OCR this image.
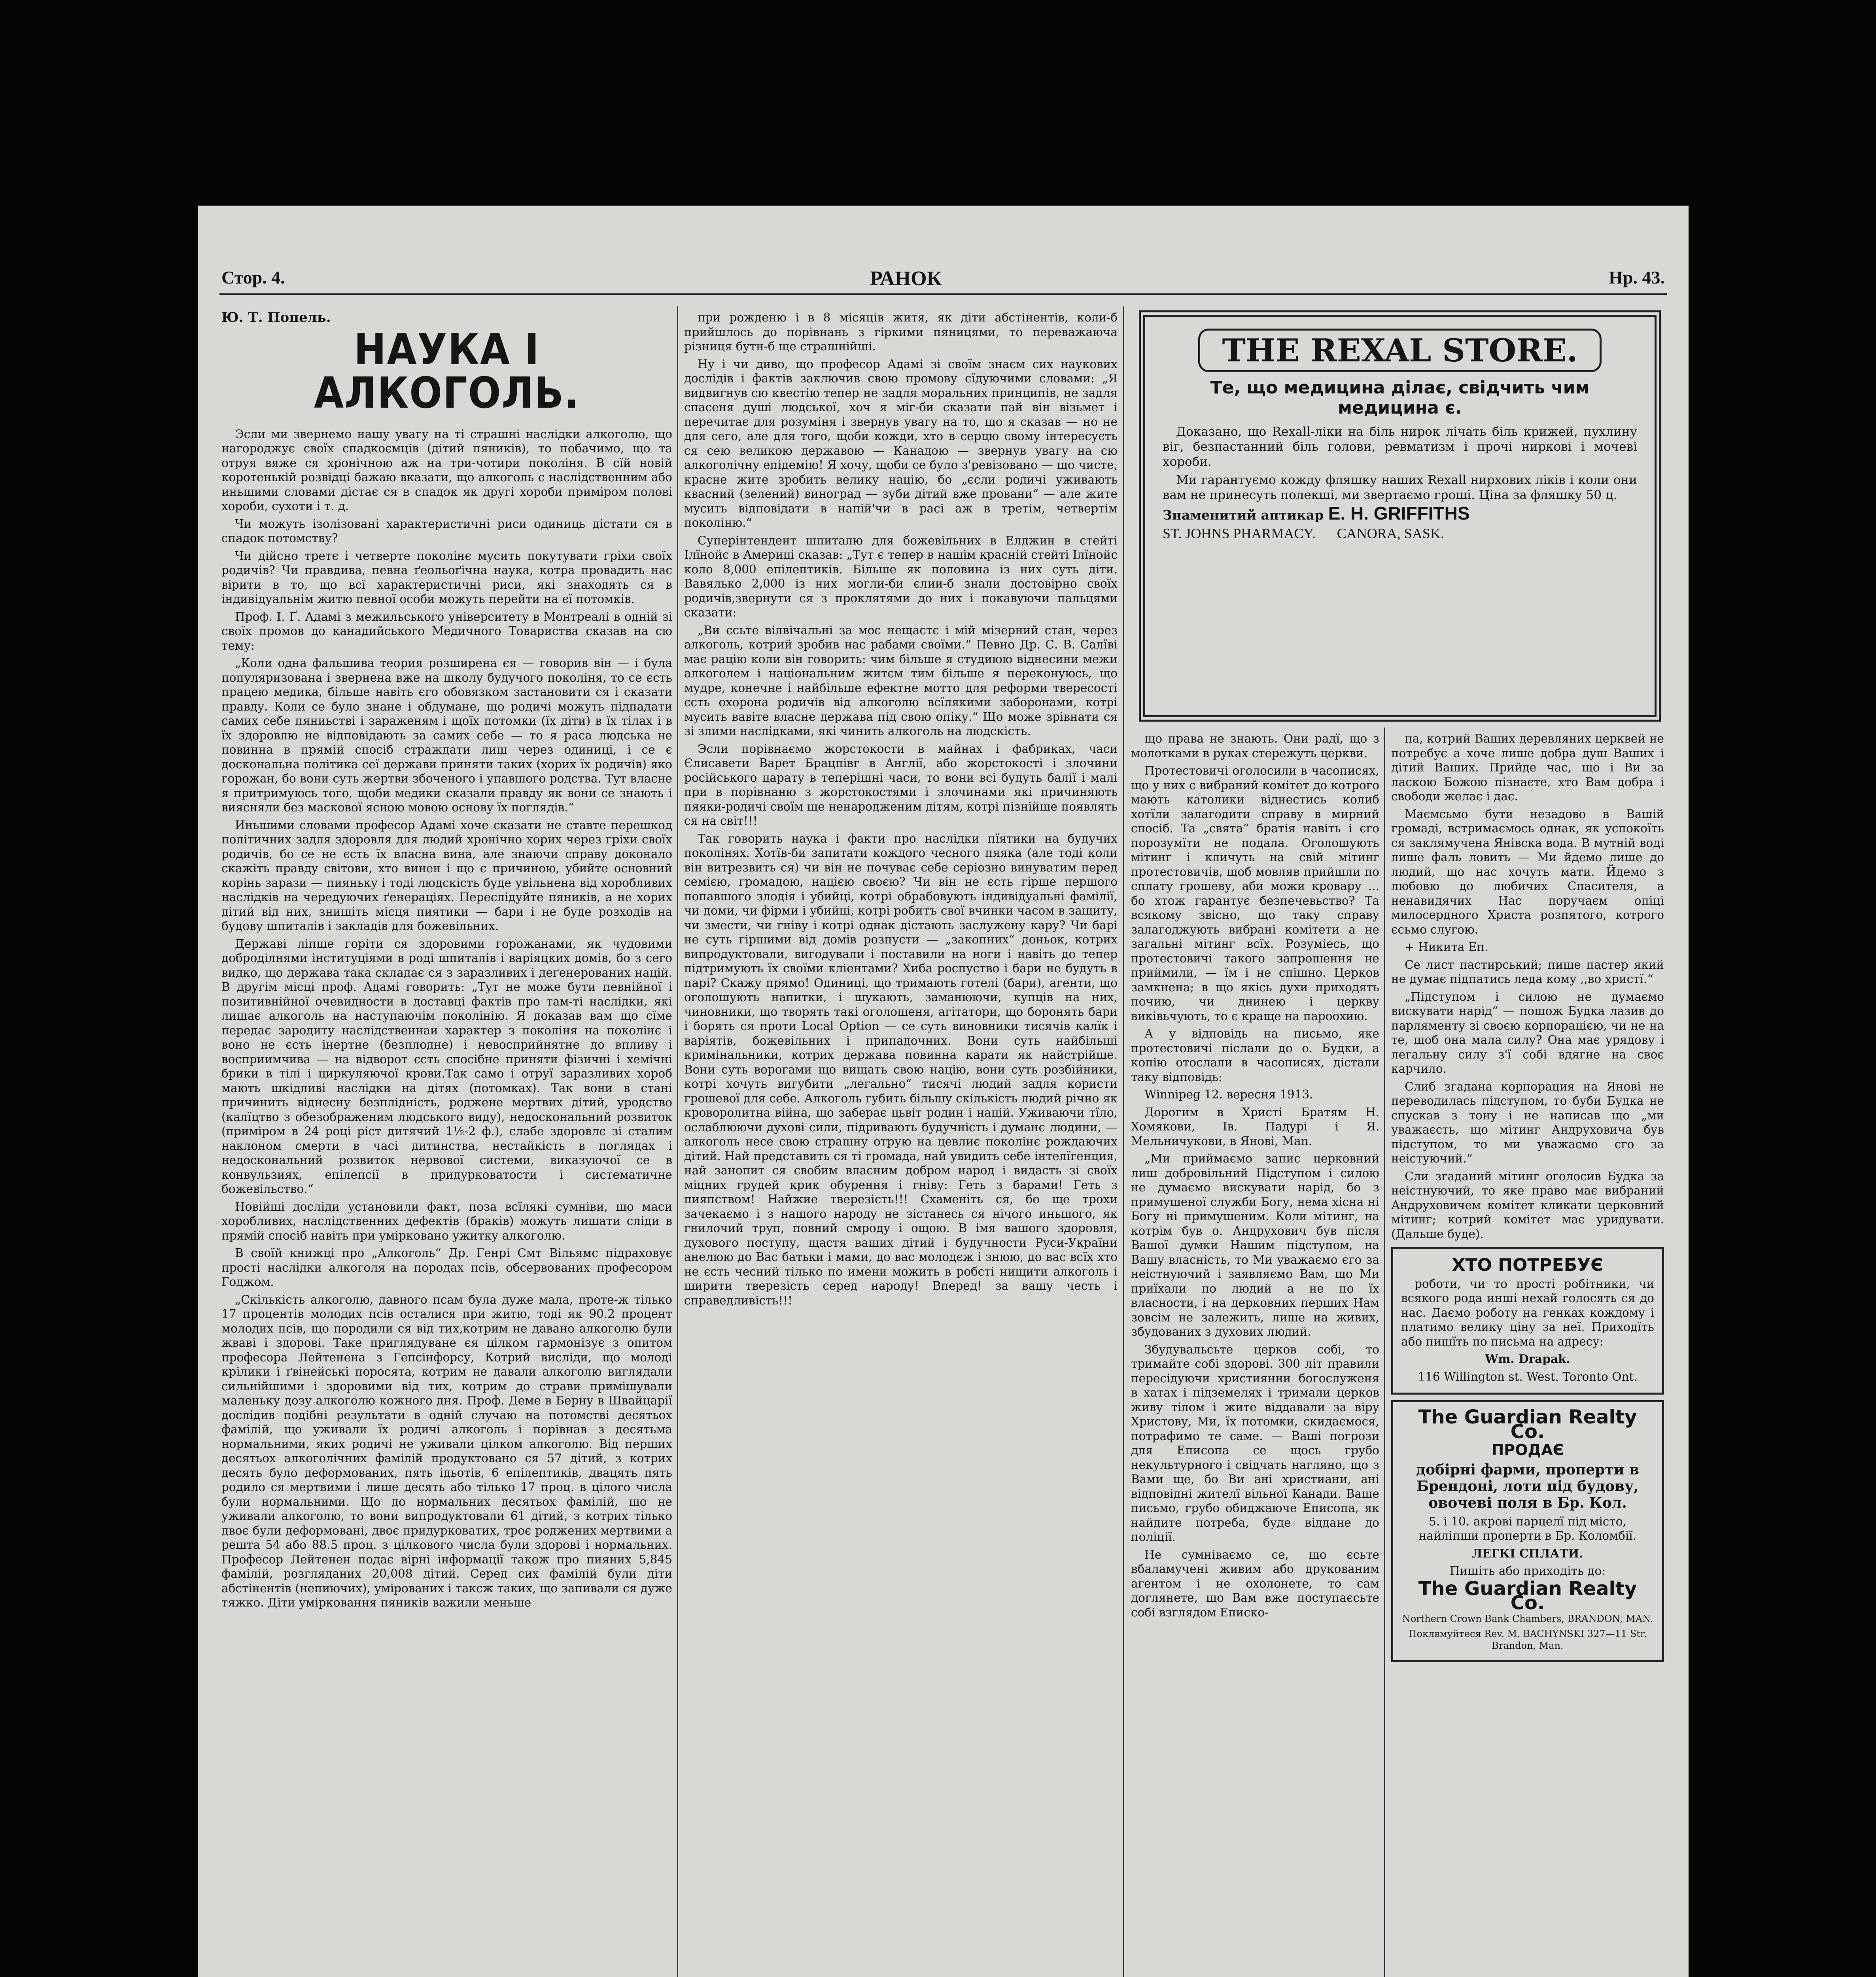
Стор. 4.	РАНОК	Нр. 43.

Ю. Т. Попель.

НАУКА І АЛКОГОЛЬ.

Эсли ми звернемо нашу увагу на ті страшні наслідки алкоголю, що нагороджує своїх спадкоємців (дітий пяників), то побачимо, що та отруя вяже ся хронічною аж на три-чотири поколіня. В сїй новій коротенькій розвідці бажаю вказати, що алкоголь є наслідственним або иньшими словами дістає ся в спадок як другі хороби приміром полові хороби, сухоти і т. д.

Чи можуть ізолізовані характеристичні риси одиниць дістати ся в спадок потомству?

Чи дійсно третє і четверте поколінє мусить покутувати гріхи своїх родичів? Чи правдива, певна ґеольоґічна наука, котра провадить нас вірити в то, що всї характеристичні риси, які знаходять ся в індивідуальнім житю певної особи можуть перейти на єї потомків.

Проф. І. Ґ. Адамі з межильського університету в Монтреалі в одній зі своїх промов до канадийського Медичного Товариства сказав на сю тему:

„Коли одна фальшива теория розширена єя — говорив він — і була популяризована і звернена вже на школу будучого поколіня, то се єсть працею медика, більше навіть єго обовязком застановити ся і сказати правду. Коли се було знане і обдумане, що родичі можуть підпадати самих себе пяниьстві і зараженям і щоїх потомки (їх діти) в їх тілах і в їх здоровлю не відповідають за самих себе — то я раса людська не повинна в прямій спосіб страждати лиш через одиниці, і се є доскональна політика сеї держави приняти таких (хорих їх родичів) яко горожан, бо вони суть жертви збоченого і упавшого родства. Тут власне я притримуюсь того, щоби медики сказали правду як вони се знають і виясняли без маскової ясною мовою основу їх поглядів.“

Иньшими словами професор Адамі хоче сказати не ставте перешкод політичних задля здоровля для людий хронічно хорих через гріхи своїх родичів, бо се не єсть їх власна вина, але знаючи справу доконало скажіть правду світови, хто винен і що є причиною, убийте основний корінь зарази — пияньку і тоді людскість буде увільнена від хоробливих наслідків на чередуючих ґенераціях. Переслідуйте пяників, а не хорих дітий від них, знищіть місця пиятики — бари і не буде розходів на будову шпиталів і закладів для божевільних.

Державі ліпше горіти ся здоровими горожанами, як чудовими доброділнями інституціями в роді шпиталів і варіяцких домів, бо з сего видко, що держава така складає ся з заразливих і деґенерованих націй. В другім місці проф. Адамі говорить: „Тут не може бути певнійної і позитивнійної очевидности в доставці фактів про там-ті наслідки, які лишає алкоголь на наступаючім поколінію. Я доказав вам що сїме передає зародиту наслідственнаи характер з поколіня на поколінє і воно не єсть інертне (безплодне) і невосприйнятне до впливу і восприимчива — на відворот єсть спосібне приняти фізичні і хемічні брики в тілі і циркуляючої крови.Так само і отруї заразливих хороб мають шкідливі наслідки на дітях (потомках). Так вони в стані причинить віднесну безплідність, роджене мертвих дітий, уродство (калїцтво з обезображеним людського виду), недоскональний розвиток (приміром в 24 році ріст дитячий 1½-2 ф.), слабе здоровлє зі сталим наклоном смерти в часі дитинства, нестайкість в поглядах і недоскональний розвиток нервової системи, виказуючої се в конвульзиях, епілепсії в придурковатости і систематичне божевільство.“

Новійші досліди установили факт, поза всїлякі сумніви, що маси хоробливих, наслідственних дефектів (браків) можуть лишати сліди в прямій спосіб навіть при умірковано ужитку алкоголю.

В своїй книжці про „Алкоголь“ Др. Генрі Смт Вільямс підраховує прості наслідки алкоголя на породах псів, обсервованих професором Годжом.

„Скількість алкоголю, давного псам була дуже мала, проте-ж тілько 17 процентів молодих псів осталися при житю, тоді як 90.2 процент молодих псів, що породили ся від тих,котрим не давано алкоголю були жваві і здорові. Таке приглядуване єя цілком гармонізує з опитом професора Лейтенена з Гепсінфорсу, Котрий висліди, що молоді крілики і ґвінейські поросята, котрим не давали алкоголю виглядали сильнійшими і здоровими від тих, котрим до страви примішували маленьку дозу алкоголю кожного дня. Проф. Деме в Берну в Швайцарії дослідив подібні результати в одній случаю на потомстві десятьох фамілій, що уживали їх родичі алкоголь і порівнав з десятьма нормальними, яких родичі не уживали цілком алкоголю. Від перших десятьох алкоголічних фамілій продуктовано ся 57 дітий, з котрих десять було деформованих, пять ідьотів, 6 епілептиків, двацять пять родило ся мертвими і лише десять або тілько 17 проц. в цілого числа були нормальними. Що до нормальних десятьох фамілій, що не уживали алкоголю, то вони випродуктовали 61 дітий, з котрих тілько двоє були деформовані, двоє придурковатих, троє роджених мертвими а решта 54 або 88.5 проц. з цілкового числа були здорові і нормальних. Професор Лейтенен подає вірні інформації також про пияних 5,845 фамілій, розгляданих 20,008 дітий. Серед сих фамілій були діти абстінентів (непиючих), умірованих і таксж таких, що запивали ся дуже тяжко. Діти умірковання пяників важили меньше

при рожденю і в 8 місяців житя, як діти абстінентів, коли-б прийшлось до порівнань з гіркими пяницями, то переважаюча різниця бутн-б ще страшнійші.

Ну і чи диво, що професор Адамі зі своїм знаєм сих наукових дослідів і фактів заключив свою промову сїдуючими словами: „Я видвигнув сю квестію тепер не задля моральних принципів, не задля спасеня душі людської, хоч я міг-би сказати пай він візьмет і перечитає для розуміня і звернув увагу на то, що я сказав — но не для сего, але для того, щоби кожди, хто в серцю свому інтересуєть ся сею великою державою — Канадою — звернув увагу на сю алкоголічну епідемію! Я хочу, щоби се було з'ревізовано — що чисте, красне жите зробить велику націю, бо „єсли родичі уживають квасний (зелений) виноград — зуби дітий вже провани“ — але жите мусить відповідати в напій'чи в расі аж в третім, четвертім поколіню.“

Суперінтендент шпиталю для божевільних в Елджин в стейті Ілїнойс в Америці сказав: „Тут є тепер в нашім красній стейті Ілїнойс коло 8,000 епілептиків. Більше як половина із них суть діти. Вавялько 2,000 із них могли-би єлии-б знали достовірно своїх родичів,звернути ся з проклятями до них і покавуючи пальцями сказати:

„Ви єсьте вілвічальні за моє нещастє і мій мізерний стан, через алкоголь, котрий зробив нас рабами своїми.“ Певно Др. С. В. Салїві має рацію коли він говорить: чим більше я студиюю віднесини межи алкоголем і національним житєм тим більше я переконуюсь, що мудре, конечне і найбільше ефектне мотто для реформи твересості єсть охорона родичів від алкоголю всїлякими заборонами, котрі мусить вавіте власне держава під свою опіку.“ Що може зрівнати ся зі злими наслідками, які чинить алкоголь на людскість.

Эсли порівнаємо жорстокости в майнах і фабриках, часи Єлисавети Варет Брацпівг в Англії, або жорстокості і злочини російського царату в теперішні часи, то вони всі будуть балії і малі при в порівнаню з жорстокостями і злочинами які причиняють пяяки-родичі своїм ще ненародженим дітям, котрі пізнійше появлять ся на світ!!!

Так говорить наука і факти про наслідки пїятики на будучих поколінях. Хотїв-би запитати кождого чесного пяяка (але тоді коли він витрезвить ся) чи він не почуває себе серіозно винуватим перед семією, громадою, нацією своєю? Чи він не єсть гірше першого попавшого злодія і убийці, котрі обрабовують індивідуальні фамілії, чи доми, чи фірми і убийці, котрі робитъ свої вчинки часом в защиту, чи змести, чи гніву і котрі однак дістають заслужену кару? Чи барі не суть гіршими від домів розпусти — „закопних“ доньок, котрих випродуктовали, вигодували і поставили на ноги і навіть до тепер підтримують їх своїми кліентами? Хиба роспуство і бари не будуть в парі? Скажу прямо! Одиниці, що тримають готелі (бари), агенти, що оголошують напитки, і шукають, заманюючи, купців на них, чиновники, що творять такі оголошеня, агітатори, що боронять бари і борять ся проти Local Option — се суть виновники тисячів калїк і варіятів, божевільних і припадочних. Вони суть найбільші кримінальники, котрих держава повинна карати як найстрійше. Вони суть ворогами що вищать свою націю, вони суть розбійники, котрі хочуть вигубити „легально“ тисячі людий задля користи грошевої для себе. Алкоголь губить більшу скількість людий річно як кроворолитна війна, що заберає цьвіт родин і націй. Уживаючи тїло, ослаблюючи духові сили, підривають будучність і думанє людини, — алкоголь несе свою страшну отрую на цевлиє поколінє рождаючих дітий. Най представить ся ті громада, най увидить себе інтелїгенция, най занопит ся свобим власним добром народ і видасть зі своїх міцних грудей крик обурення і гніву: Геть з барами! Геть з пияпством! Найжие тверезість!!! Схаменіть ся, бо ще трохи зачекаємо і з нашого народу не зістанесь ся нічого иньшого, як гнилочий труп, повний смроду і ощою. В імя вашого здоровля, духового поступу, щастя ваших дітий і будучности Руси-України анелюю до Вас батьки і мами, до вас молодєж і знюю, до вас всїх хто не єсть чесний тілько по имени можить в робсті нищити алкоголь і ширити тверезість серед народу! Вперед! за вашу честь і справедливість!!!

THE REXAL STORE.
Те, що медицина ділає, свідчить чим медицина є.

Доказано, що Rexall-ліки на біль нирок лічать біль крижей, пухлину віг, безпастанний біль голови, ревматизм і прочі ниркові і мочеві хороби.

Ми гарантуємо кожду фляшку наших Rexall нирхових ліків і коли они вам не принесуть полекші, ми звертаємо гроші. Ціна за фляшку 50 ц.

Знаменитий аптикар E. H. GRIFFITHS

ST. JOHNS PHARMACY. CANORA, SASK.

що права не знають. Они радї, що з молотками в руках стережуть церкви.

Протестовичі оголосили в часописях, що у них є вибраний комітет до котрого мають католики віднестись колиб хотїли залагодити справу в мирний спосіб. Та „свята“ братія навіть і єго порозумїти не подала. Оголошують мітинг і кличуть на свій мітинг протестовичів, щоб мовляв прийшли по сплату грошеву, аби можи кровару ... бо хтож гарантує безпечевьство? Та всякому звісно, що таку справу залагоджують вибрані комітети а не загальні мітинг всїх. Розуміесь, що протестовичі такого запрошення не приймили, — їм і не спішно. Церков замкнена; в що якісь духи приходять почию, чи днинею і церкву виківьчують, то є краще на пароохию.

А у відповідь на письмо, яке протестовичі післали до о. Будки, а копію отослали в часописях, дістали таку відповідь:

Winnipeg 12. вересня 1913.

Дорогим в Христі Братям Н. Хомякови, Ів. Падурі і Я. Мельничукови, в Янові, Man.

„Ми приймаємо запис церковний лиш добровільний Підступом і силою не думаємо вискувати нарід, бо з примушеної служби Богу, нема хісна ні Богу ні примушеним. Коли мітинг, на котрім був о. Андрухович був після Вашої думки Нашим підступом, на Вашу власність, то Ми уважаємо єго за неістнуючий і заявляємо Вам, що Ми приїхали по людий а не по їх власности, і на дерковних перших Нам зовсім не залежить, лише на живих, збудованих з духових людий.

Збудувальсьте церков собі, то тримайте собі здорові. 300 літ правили пересідуючи християнни богослуженя в хатах і підземелях і тримали церков живу тілом і жите віддавали за віру Христову, Ми, їх потомки, скидаємося, потрафимо те саме. — Ваші погрози для Еписопа се щось грубо некультурного і свідчать нагляно, що з Вами ще, бо Ви ані христиани, ані відповідні жителї вільної Канади. Ваше письмо, грубо обиджаюче Еписопа, як найдите потреба, буде віддане до поліції.

Не сумніваємо се, що єсьте вбаламучені живим або друкованим агентом і не охолонете, то сам доглянете, що Вам вже поступаєсьте собі взглядом Еписко-

па, котрий Ваших деревляних церквей не потребує а хоче лише добра душ Ваших і дітий Ваших. Прийде час, що і Ви за ласкою Божою пізнаєте, хто Вам добра і свободи желає і дає.

Маємсьмо бути незадово в Вашій громаді, встримаємось однак, як успокоїть ся заклямучена Янівска вода. В мутній воді лише фаль ловить — Ми йдемо лише до людий, що нас хочуть мати. Йдемо з любовю до любичих Спасителя, а ненавидячих Нас поручаєм опіці милосердного Христа розпятого, котрого єсьмо слугою.

+ Никита Еп.

Се лист пастирський; пише пастер який не думає підпатись леда кому ,,во христї.“

„Підступом і силою не думаємо вискувати нарід“ — пошож Будка лазив до парляменту зі своєю корпорацією, чи не на те, щоб она мала силу? Она має урядову і легальну силу з'ї собі вдягне на своє карчило.

Слиб згадана корпорация на Янові не переводилась підступом, то буби Будка не спускав з тону і не написав що „ми уважаєсть, що мітинг Андруховича був підступом, то ми уважаємо єго за неістуючий.“

Сли згаданий мітинг оголосив Будка за неістнуючий, то яке право має вибраний Андруховичем комітет кликати церковний мітинг; котрий комітет має уридувати. (Дальше буде).

ХТО ПОТРЕБУЄ

роботи, чи то прості робітники, чи всякого рода инші нехай голосять ся до нас. Даємо роботу на генках кождому і платимо велику ціну за неї. Приходїть або пишїть по письма на адресу:

Wm. Drapak.

116 Willington st. West. Toronto Ont.

The Guardian Realty Co.

ПРОДАЄ

добірні фарми, проперти в Брендоні, лоти під будову, овочеві поля в Бр. Кол.

5. і 10. акрові парцелї під місто, найліпши проперти в Бр. Коломбії.

ЛЕГКІ СПЛАТИ.

Пишіть або приходіть до:

The Guardian Realty Co.

Northern Crown Bank Chambers, BRANDON, MAN.

Поклвмуйтеся Rev. M. BACHYNSKI 327—11 Str. Brandon, Man.
